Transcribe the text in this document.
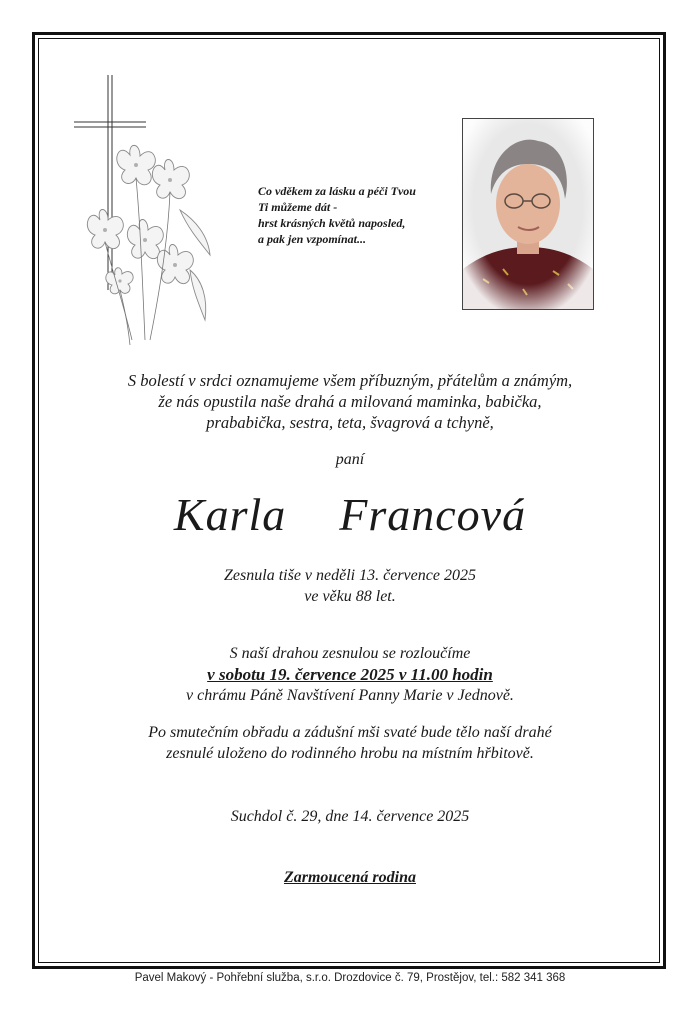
Co vděkem za lásku a péči Tvou
Ti můžeme dát -
hrst krásných květů naposled,
a pak jen vzpomínat...
S bolestí v srdci oznamujeme všem příbuzným, přátelům a známým,
že nás opustila naše drahá a milovaná maminka, babička,
prababička, sestra, teta, švagrová a tchyně,
paní
Karla  Francová
Zesnula tiše v neděli 13. července 2025
ve věku 88 let.
S naší drahou zesnulou se rozloučíme
v sobotu 19. července 2025 v 11.00 hodin
v chrámu Páně Navštívení Panny Marie v Jednově.
Po smutečním obřadu a zádušní mši svaté bude tělo naší drahé
zesnulé uloženo do rodinného hrobu na místním hřbitově.
Suchdol č. 29, dne 14. července 2025
Zarmoucená rodina
Pavel Makový - Pohřební služba, s.r.o. Drozdovice č. 79, Prostějov, tel.: 582 341 368
